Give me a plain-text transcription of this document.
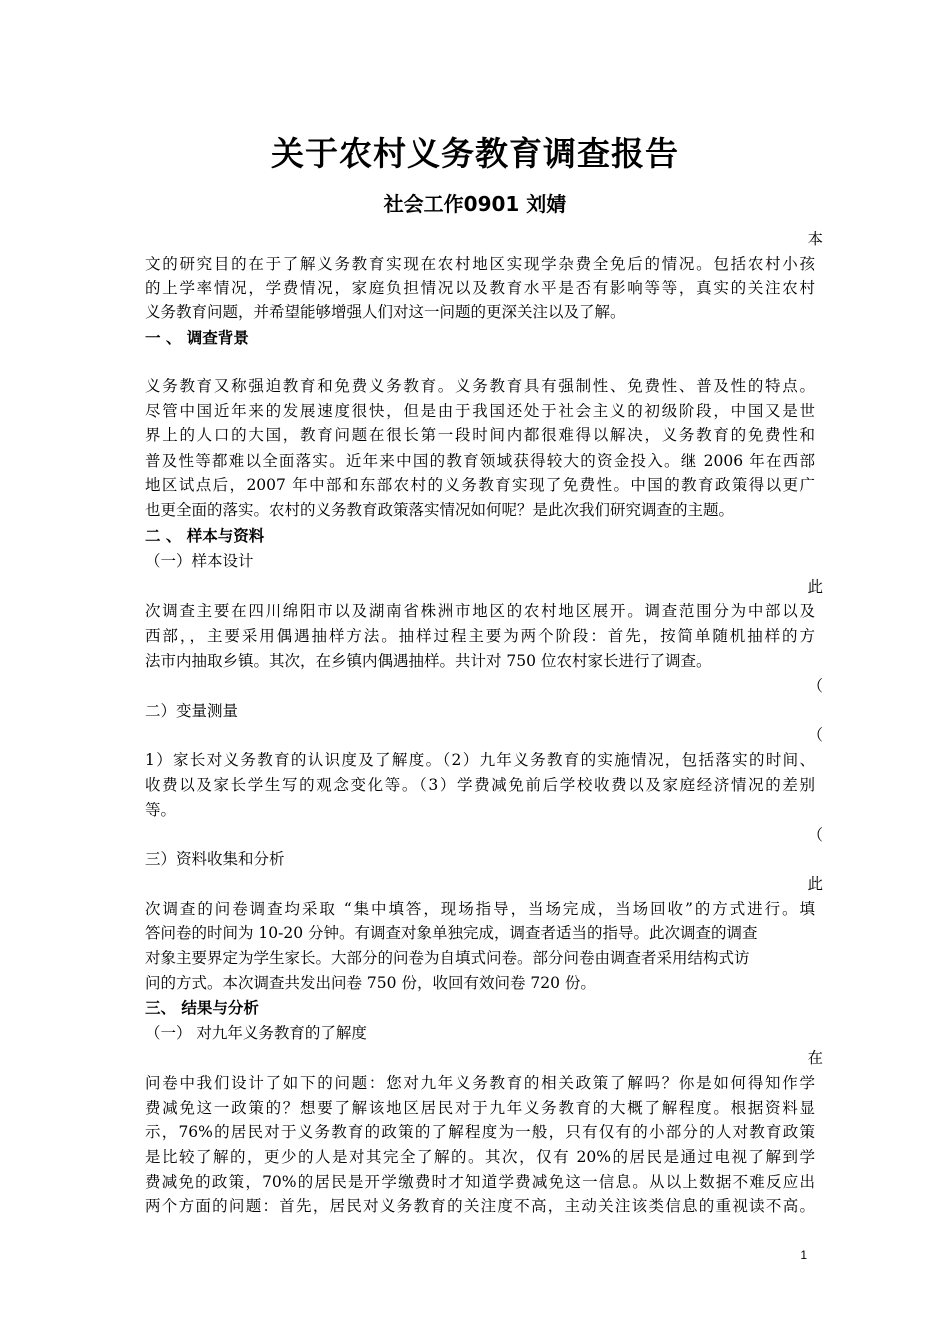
关于农村义务教育调查报告
社会工作0901 刘婧
本
文的研究目的在于了解义务教育实现在农村地区实现学杂费全免后的情况。包括农村小孩
的上学率情况，学费情况，家庭负担情况以及教育水平是否有影响等等，真实的关注农村
义务教育问题，并希望能够增强人们对这一问题的更深关注以及了解。
一 、 调查背景
义务教育又称强迫教育和免费义务教育。义务教育具有强制性、免费性、普及性的特点。
尽管中国近年来的发展速度很快，但是由于我国还处于社会主义的初级阶段，中国又是世
界上的人口的大国，教育问题在很长第一段时间内都很难得以解决，义务教育的免费性和
普及性等都难以全面落实。近年来中国的教育领域获得较大的资金投入。继 2006 年在西部
地区试点后，2007 年中部和东部农村的义务教育实现了免费性。中国的教育政策得以更广
也更全面的落实。农村的义务教育政策落实情况如何呢？是此次我们研究调查的主题。
二 、 样本与资料
（一）样本设计
此
次调查主要在四川绵阳市以及湖南省株洲市地区的农村地区展开。调查范围分为中部以及
西部，，主要采用偶遇抽样方法。抽样过程主要为两个阶段：首先，按简单随机抽样的方
法市内抽取乡镇。其次，在乡镇内偶遇抽样。共计对 750 位农村家长进行了调查。
（
二）变量测量
（
1）家长对义务教育的认识度及了解度。（2）九年义务教育的实施情况，包括落实的时间、
收费以及家长学生写的观念变化等。（3）学费减免前后学校收费以及家庭经济情况的差别
等。
（
三）资料收集和分析
此
次调查的问卷调查均采取 “集中填答，现场指导，当场完成，当场回收”的方式进行。填
答问卷的时间为 10-20 分钟。有调查对象单独完成，调查者适当的指导。此次调查的调查
对象主要界定为学生家长。大部分的问卷为自填式问卷。部分问卷由调查者采用结构式访
问的方式。本次调查共发出问卷 750 份，收回有效问卷 720 份。
三、 结果与分析
（一） 对九年义务教育的了解度
在
问卷中我们设计了如下的问题：您对九年义务教育的相关政策了解吗？你是如何得知作学
费减免这一政策的？想要了解该地区居民对于九年义务教育的大概了解程度。根据资料显
示，76%的居民对于义务教育的政策的了解程度为一般，只有仅有的小部分的人对教育政策
是比较了解的，更少的人是对其完全了解的。其次，仅有 20%的居民是通过电视了解到学
费减免的政策，70%的居民是开学缴费时才知道学费减免这一信息。从以上数据不难反应出
两个方面的问题：首先，居民对义务教育的关注度不高，主动关注该类信息的重视读不高。
1
